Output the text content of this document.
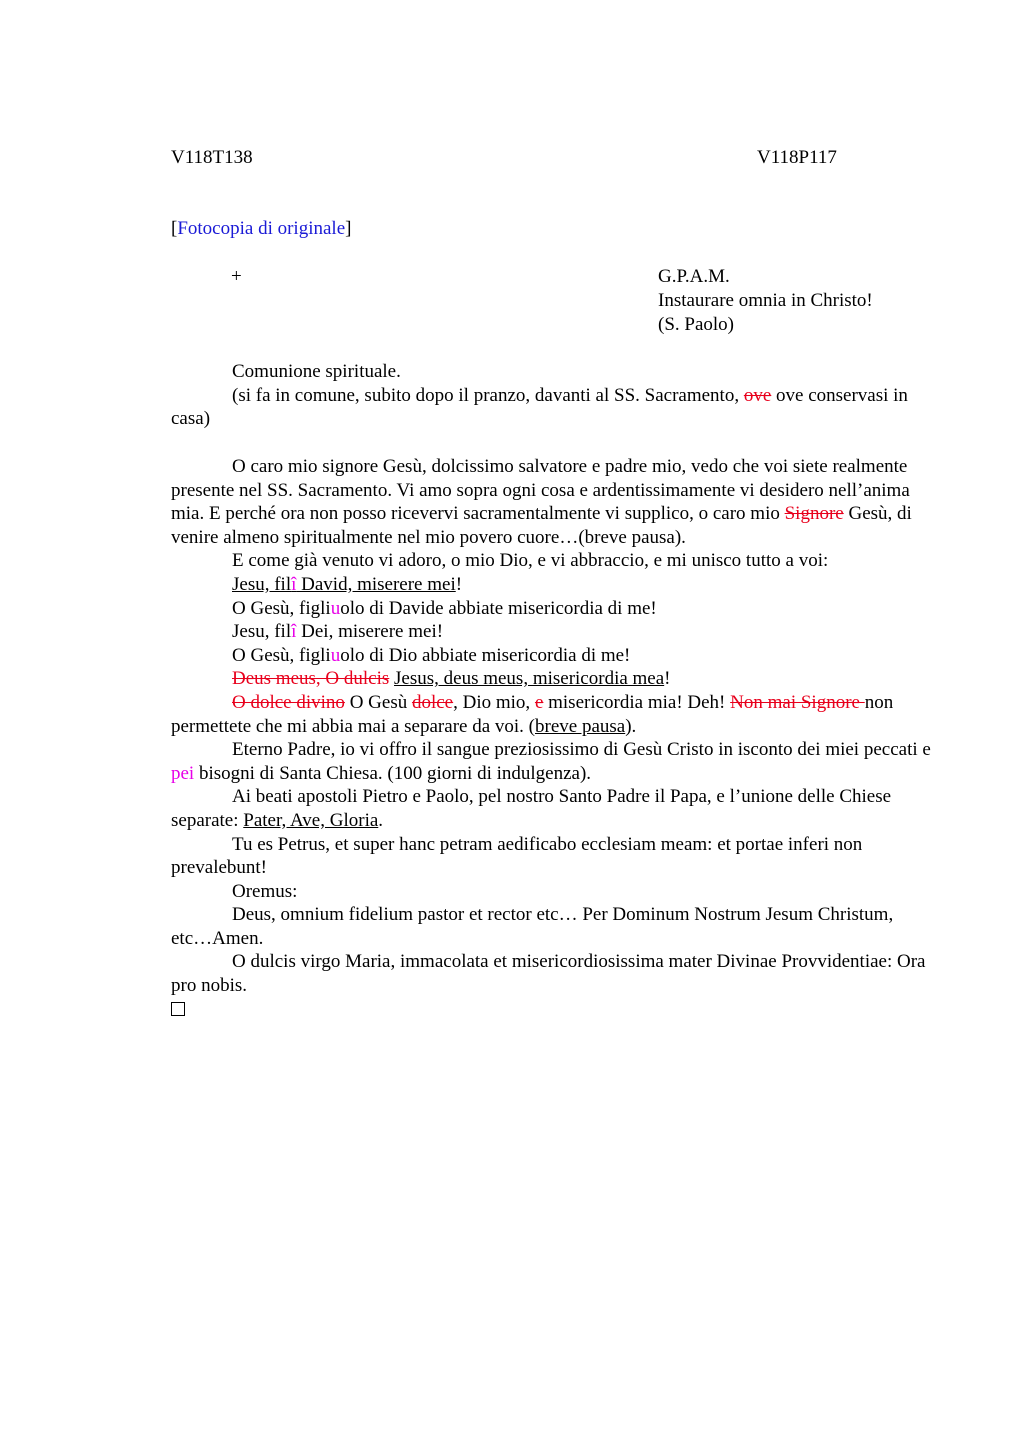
V118T138	V118P117
[Fotocopia di originale]
+	G.P.A.M.
Instaurare omnia in Christo!
(S. Paolo)

Comunione spirituale.

(si fa in comune, subito dopo il pranzo, davanti al SS. Sacramento, ove ove conservasi in casa)

O caro mio signore Gesù, dolcissimo salvatore e padre mio, vedo che voi siete realmente presente nel SS. Sacramento. Vi amo sopra ogni cosa e ardentissimamente vi desidero nell’anima mia. E perché ora non posso ricevervi sacramentalmente vi supplico, o caro mio Signore Gesù, di venire almeno spiritualmente nel mio povero cuore…(breve pausa).

E come già venuto vi adoro, o mio Dio, e vi abbraccio, e mi unisco tutto a voi:

Jesu, filî David, miserere mei!

O Gesù, figliuolo di Davide abbiate misericordia di me!

Jesu, filî Dei, miserere mei!

O Gesù, figliuolo di Dio abbiate misericordia di me!

Deus meus, O dulcis Jesus, deus meus, misericordia mea!

O dolce divino O Gesù dolce, Dio mio, e misericordia mia! Deh! Non mai Signore non permettete che mi abbia mai a separare da voi. (breve pausa).

Eterno Padre, io vi offro il sangue preziosissimo di Gesù Cristo in isconto dei miei peccati e pei bisogni di Santa Chiesa. (100 giorni di indulgenza).

Ai beati apostoli Pietro e Paolo, pel nostro Santo Padre il Papa, e l’unione delle Chiese separate: Pater, Ave, Gloria.

Tu es Petrus, et super hanc petram aedificabo ecclesiam meam: et portae inferi non prevalebunt!

Oremus:

Deus, omnium fidelium pastor et rector etc… Per Dominum Nostrum Jesum Christum, etc…Amen.

O dulcis virgo Maria, immacolata et misericordiosissima mater Divinae Provvidentiae: Ora pro nobis.
